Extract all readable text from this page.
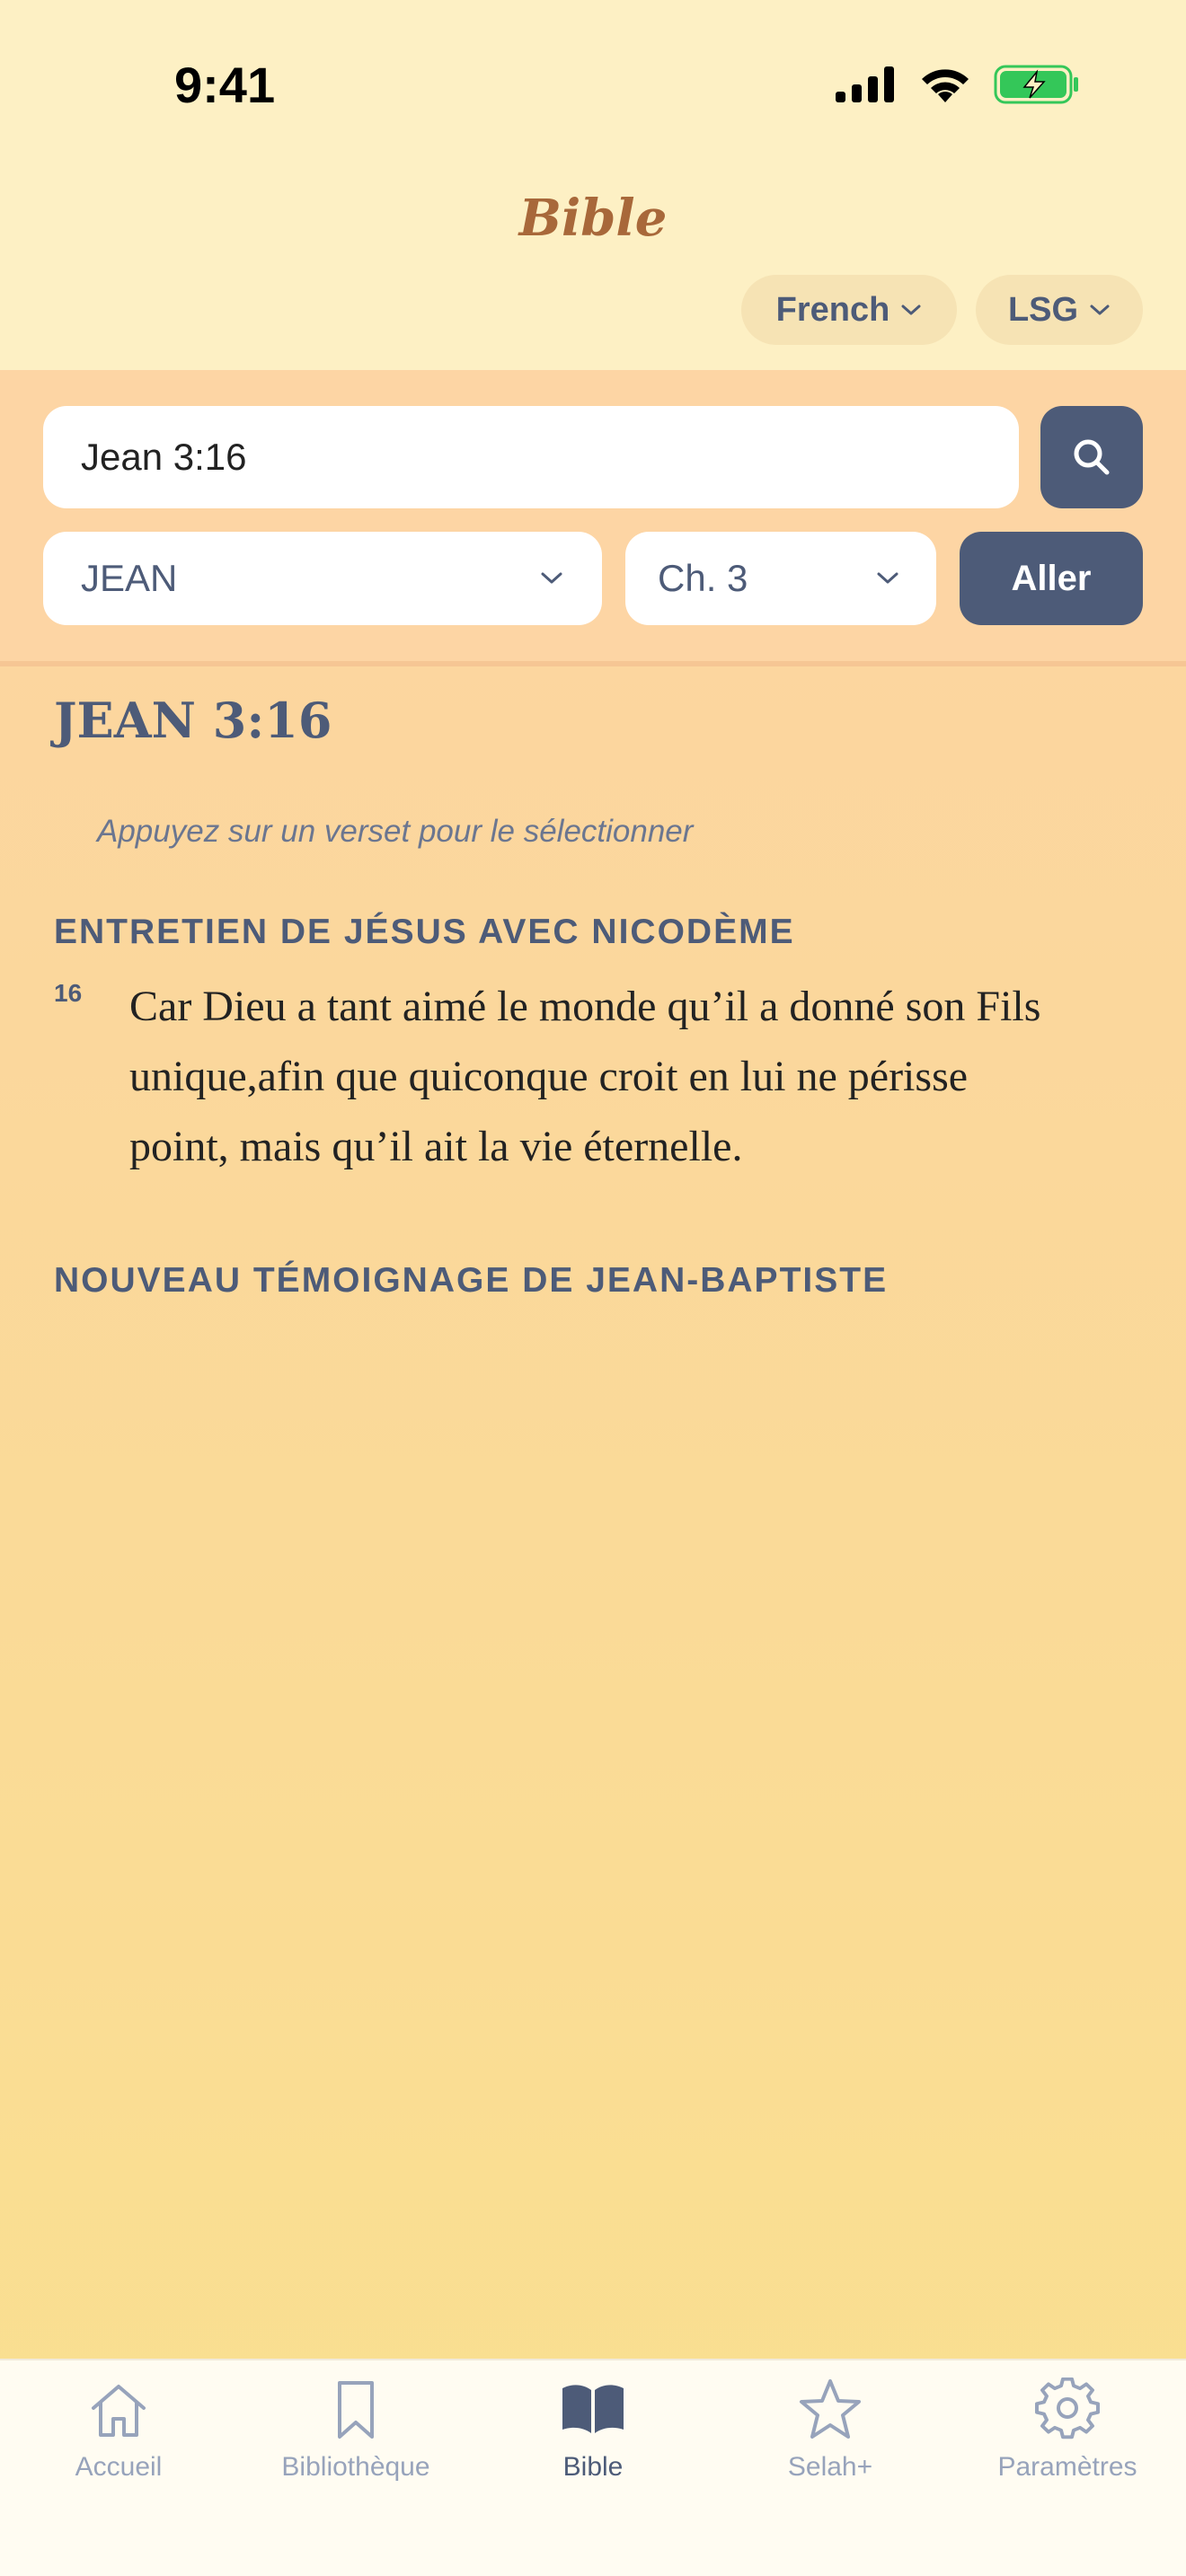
9:41
Bible
French	LSG
Jean 3:16
JEAN	Ch. 3	Aller
JEAN 3:16
Appuyez sur un verset pour le sélectionner
ENTRETIEN DE JÉSUS AVEC NICODÈME
16 Car Dieu a tant aimé le monde qu’il a donné son Fils
unique,afin que quiconque croit en lui ne périsse
point, mais qu’il ait la vie éternelle.
NOUVEAU TÉMOIGNAGE DE JEAN-BAPTISTE
Accueil	Bibliothèque	Bible	Selah+	Paramètres
